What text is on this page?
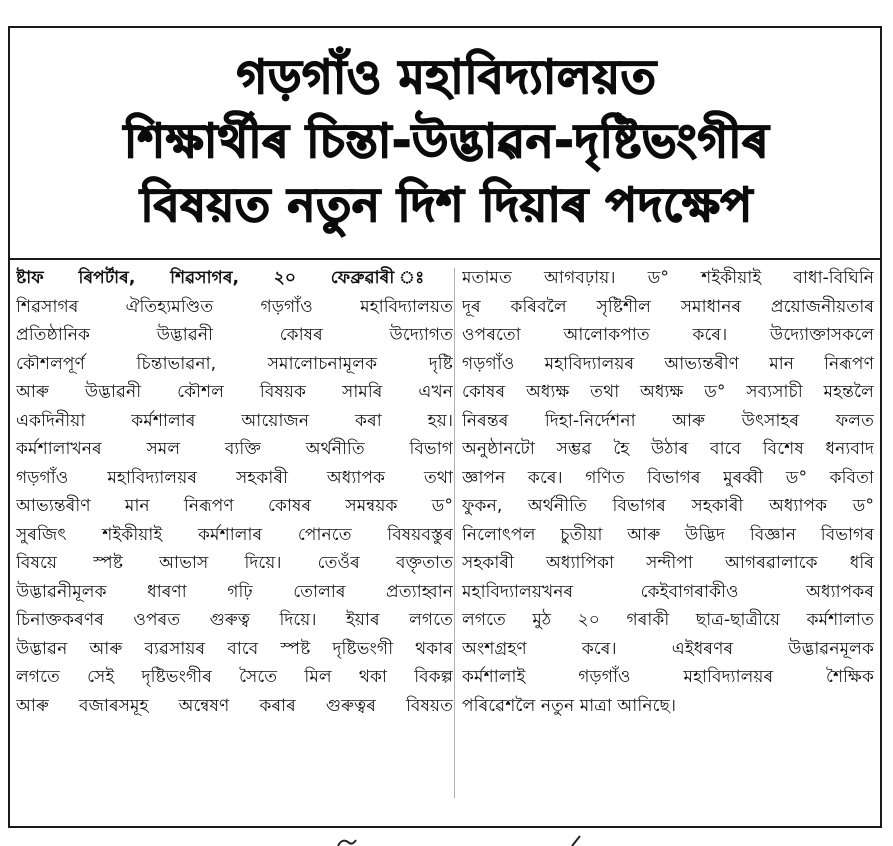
গড়গাঁও মহাবিদ্যালয়ত
শিক্ষাৰ্থীৰ চিন্তা-উদ্ভাৱন-দৃষ্টিভংগীৰ
বিষয়ত নতুন দিশ দিয়াৰ পদক্ষেপ
ষ্টাফ ৰিপৰ্টাৰ, শিৱসাগৰ, ২০ ফেব্ৰুৱাৰী ঃ
শিৱসাগৰ ঐতিহ্যমণ্ডিত গড়গাঁও মহাবিদ্যালয়ত
প্ৰতিষ্ঠানিক উদ্ভাৱনী কোষৰ উদ্যোগত
কৌশলপূৰ্ণ চিন্তাভাৱনা, সমালোচনামূলক দৃষ্টি
আৰু উদ্ভাৱনী কৌশল বিষয়ক সামৰি এখন
একদিনীয়া কৰ্মশালাৰ আয়োজন কৰা হয়।
কৰ্মশালাখনৰ সমল ব্যক্তি অৰ্থনীতি বিভাগ
গড়গাঁও মহাবিদ্যালয়ৰ সহকাৰী অধ্যাপক তথা
আভ্যন্তৰীণ মান নিৰূপণ কোষৰ সমন্বয়ক ড°
সুৰজিৎ শইকীয়াই কৰ্মশালাৰ পোনতে বিষয়বস্তুৰ
বিষয়ে স্পষ্ট আভাস দিয়ে। তেওঁৰ বক্তৃতাত
উদ্ভাৱনীমূলক ধাৰণা গঢ়ি তোলাৰ প্ৰত্যাহ্বান
চিনাক্তকৰণৰ ওপৰত গুৰুত্ব দিয়ে। ইয়াৰ লগতে
উদ্ভাৱন আৰু ব্যৱসায়ৰ বাবে স্পষ্ট দৃষ্টিভংগী থকাৰ
লগতে সেই দৃষ্টিভংগীৰ সৈতে মিল থকা বিকল্প
আৰু বজাৰসমূহ অন্বেষণ কৰাৰ গুৰুত্বৰ বিষয়ত
মতামত আগবঢ়ায়। ড° শইকীয়াই বাধা-বিঘিনি
দূৰ কৰিবলৈ সৃষ্টিশীল সমাধানৰ প্ৰয়োজনীয়তাৰ
ওপৰতো আলোকপাত কৰে। উদ্যোক্তাসকলে
গড়গাঁও মহাবিদ্যালয়ৰ আভ্যন্তৰীণ মান নিৰূপণ
কোষৰ অধ্যক্ষ তথা অধ্যক্ষ ড° সব্যসাচী মহন্তলৈ
নিৰন্তৰ দিহা-নিৰ্দেশনা আৰু উৎসাহৰ ফলত
অনুষ্ঠানটো সম্ভৱ হৈ উঠাৰ বাবে বিশেষ ধন্যবাদ
জ্ঞাপন কৰে। গণিত বিভাগৰ মুৰব্বী ড° কবিতা
ফুকন, অৰ্থনীতি বিভাগৰ সহকাৰী অধ্যাপক ড°
নিলোৎপল চুতীয়া আৰু উদ্ভিদ বিজ্ঞান বিভাগৰ
সহকাৰী অধ্যাপিকা সন্দীপা আগৰৱালাকে ধৰি
মহাবিদ্যালয়খনৰ কেইবাগৰাকীও অধ্যাপকৰ
লগতে মুঠ ২০ গৰাকী ছাত্ৰ-ছাত্ৰীয়ে কৰ্মশালাত
অংশগ্ৰহণ কৰে। এইধৰণৰ উদ্ভাৱনমূলক
কৰ্মশালাই গড়গাঁও মহাবিদ্যালয়ৰ শৈক্ষিক
পৰিৱেশলৈ নতুন মাত্ৰা আনিছে।
